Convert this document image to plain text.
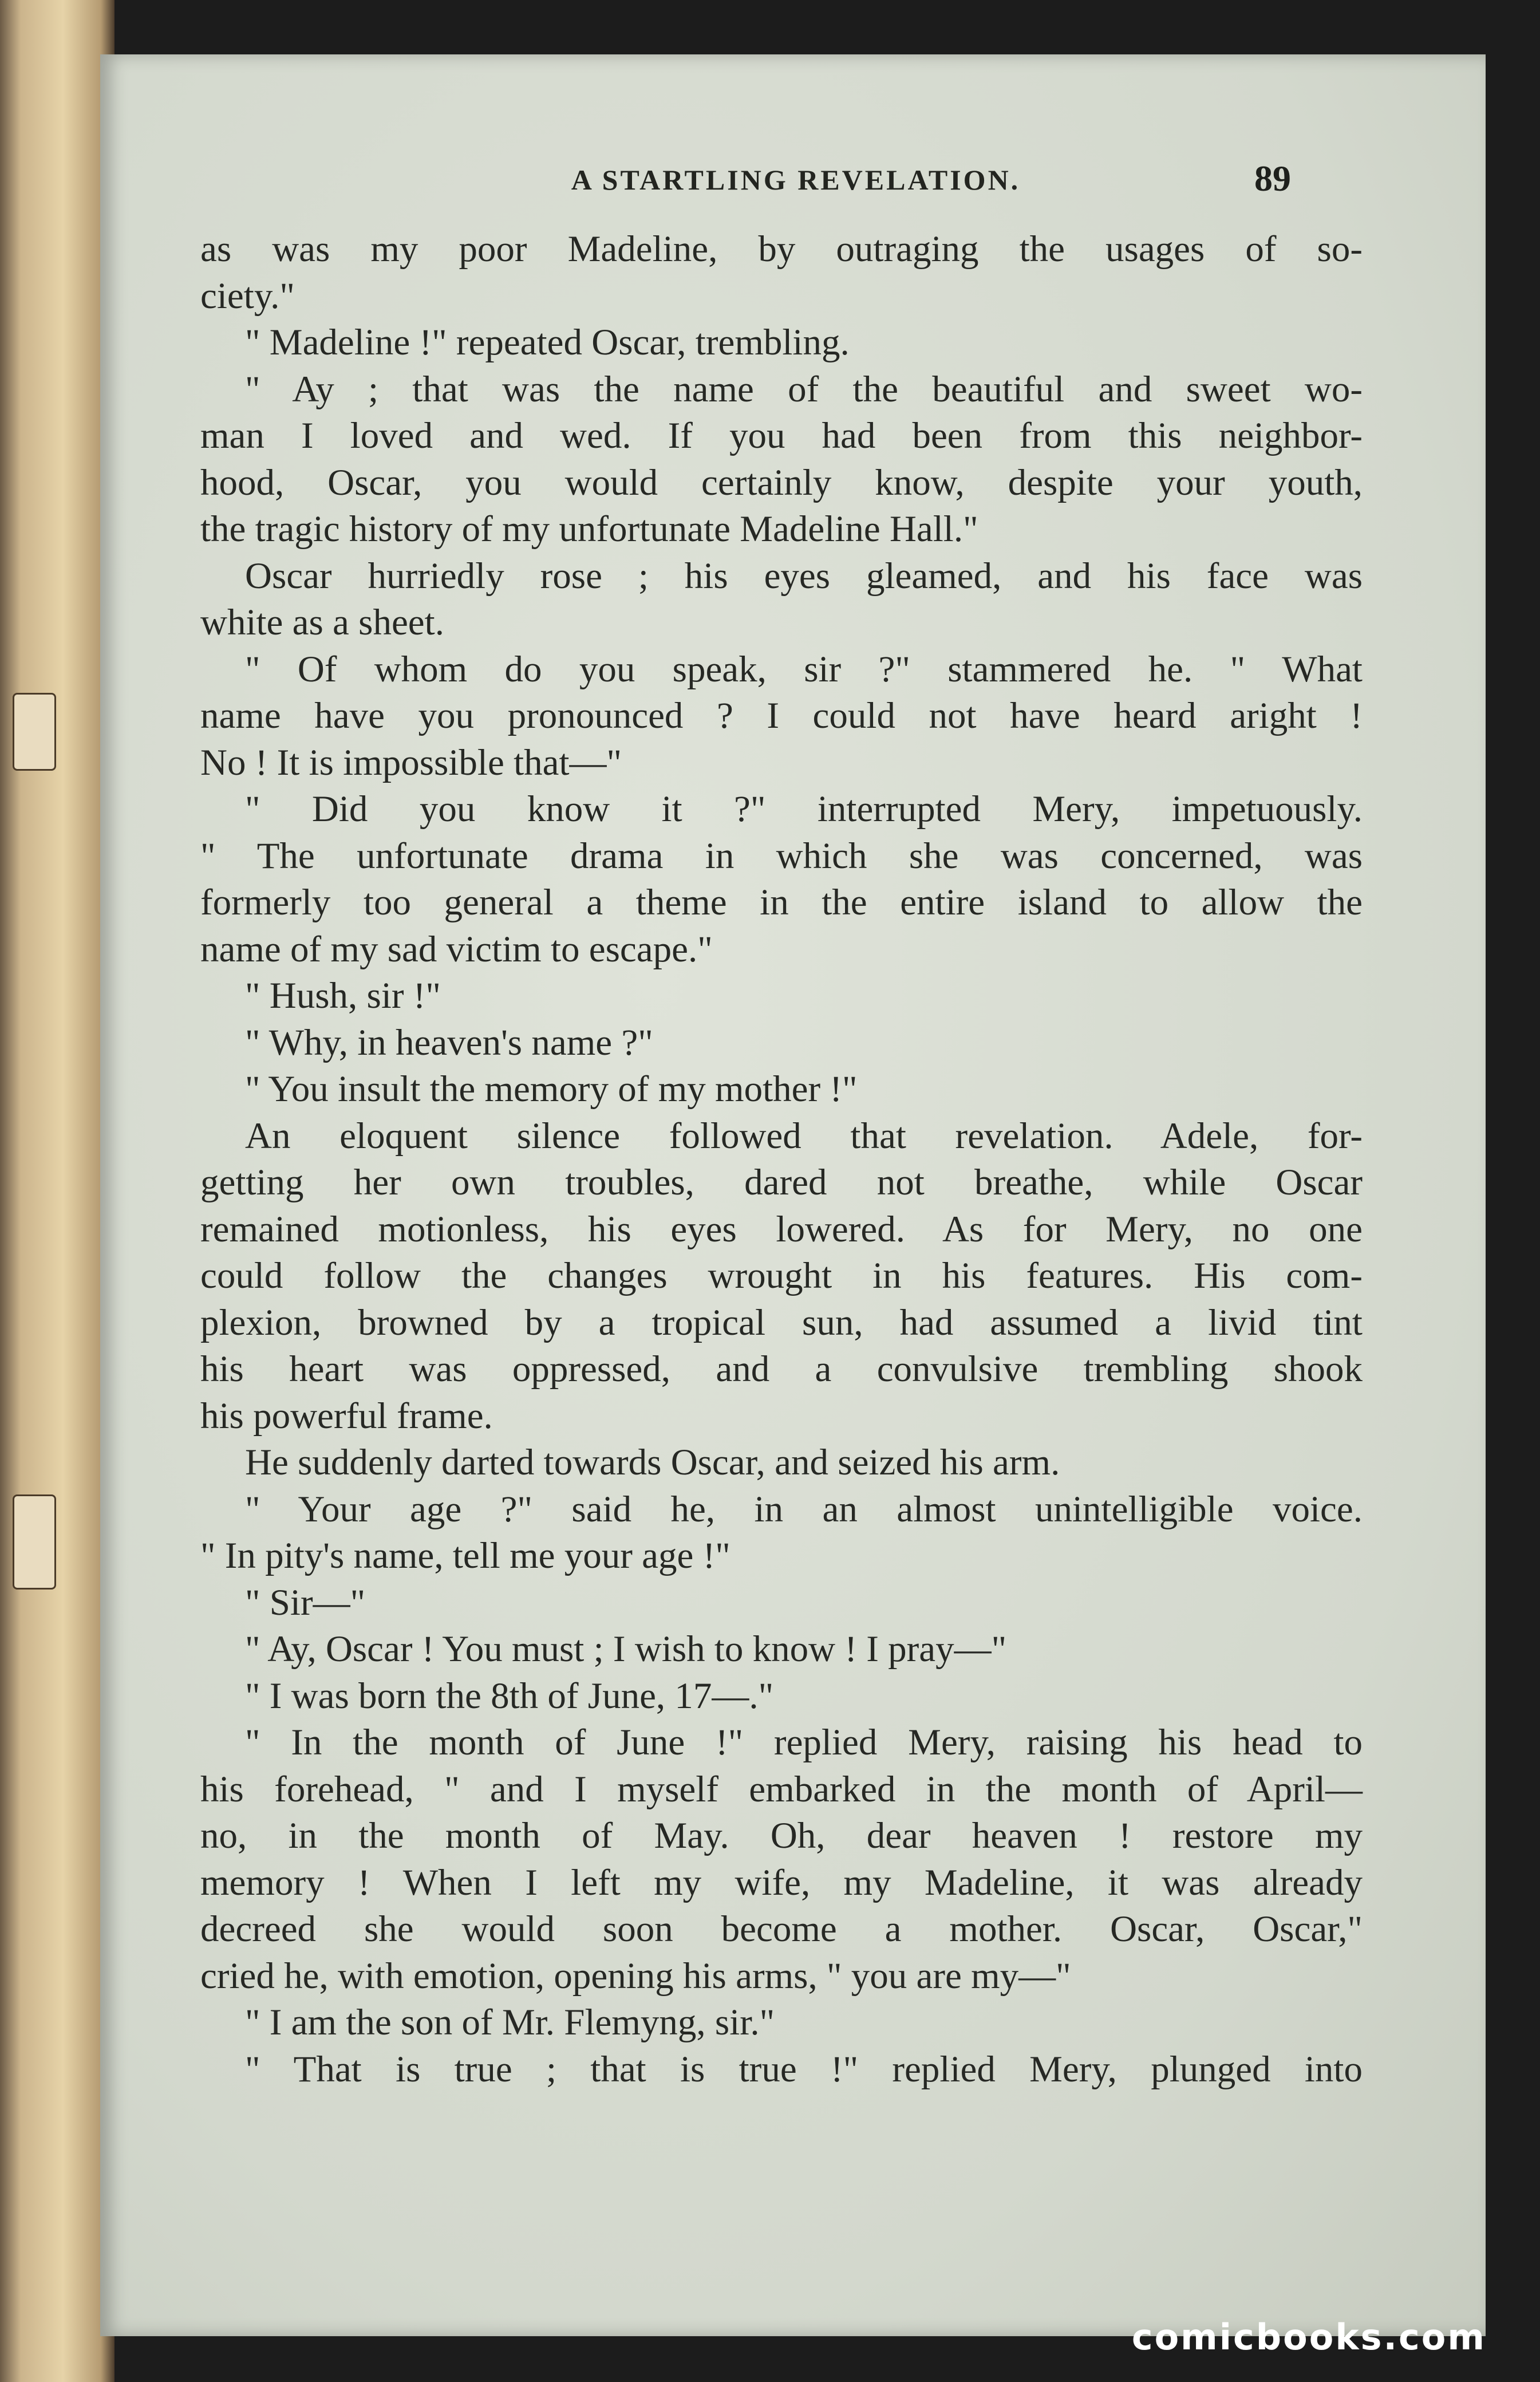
A STARTLING REVELATION.	89
as was my poor Madeline, by outraging the usages of so-
ciety."
" Madeline !" repeated Oscar, trembling.
" Ay ; that was the name of the beautiful and sweet wo-
man I loved and wed. If you had been from this neighbor-
hood, Oscar, you would certainly know, despite your youth,
the tragic history of my unfortunate Madeline Hall."
Oscar hurriedly rose ; his eyes gleamed, and his face was
white as a sheet.
" Of whom do you speak, sir ?" stammered he. " What
name have you pronounced ? I could not have heard aright !
No ! It is impossible that—"
" Did you know it ?" interrupted Mery, impetuously.
" The unfortunate drama in which she was concerned, was
formerly too general a theme in the entire island to allow the
name of my sad victim to escape."
" Hush, sir !"
" Why, in heaven's name ?"
" You insult the memory of my mother !"
An eloquent silence followed that revelation. Adele, for-
getting her own troubles, dared not breathe, while Oscar
remained motionless, his eyes lowered. As for Mery, no one
could follow the changes wrought in his features. His com-
plexion, browned by a tropical sun, had assumed a livid tint
his heart was oppressed, and a convulsive trembling shook
his powerful frame.
He suddenly darted towards Oscar, and seized his arm.
" Your age ?" said he, in an almost unintelligible voice.
" In pity's name, tell me your age !"
" Sir—"
" Ay, Oscar ! You must ; I wish to know ! I pray—"
" I was born the 8th of June, 17—."
" In the month of June !" replied Mery, raising his head to
his forehead, " and I myself embarked in the month of April—
no, in the month of May. Oh, dear heaven ! restore my
memory ! When I left my wife, my Madeline, it was already
decreed she would soon become a mother. Oscar, Oscar,"
cried he, with emotion, opening his arms, " you are my—"
" I am the son of Mr. Flemyng, sir."
" That is true ; that is true !" replied Mery, plunged into
comicbooks.com
